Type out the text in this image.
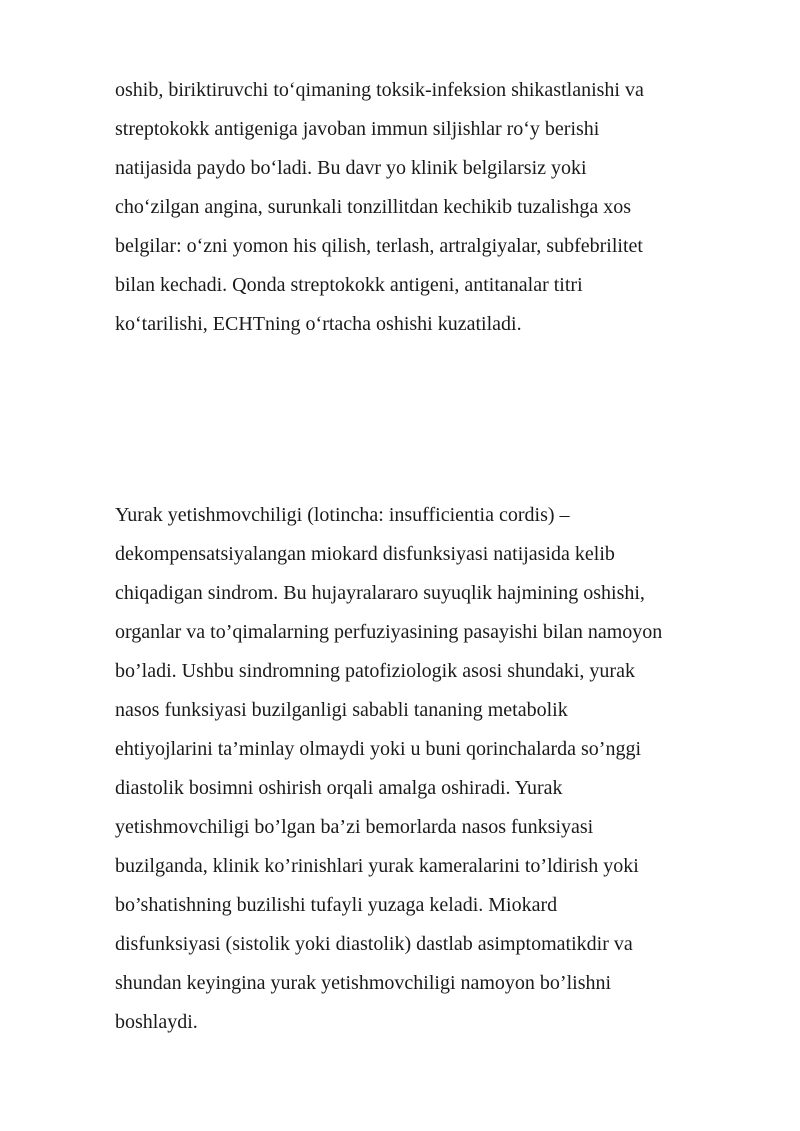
oshib, biriktiruvchi to‘qimaning toksik-infeksion shikastlanishi va

streptokokk antigeniga javoban immun siljishlar ro‘y berishi

natijasida paydo bo‘ladi. Bu davr yo klinik belgilarsiz yoki

cho‘zilgan angina, surunkali tonzillitdan kechikib tuzalishga xos

belgilar: o‘zni yomon his qilish, terlash, artralgiyalar, subfebrilitet

bilan kechadi. Qonda streptokokk antigeni, antitanalar titri

ko‘tarilishi, ECHTning o‘rtacha oshishi kuzatiladi.

Yurak yetishmovchiligi (lotincha: insufficientia cordis) –

dekompensatsiyalangan miokard disfunksiyasi natijasida kelib

chiqadigan sindrom. Bu hujayralararo suyuqlik hajmining oshishi,

organlar va to’qimalarning perfuziyasining pasayishi bilan namoyon

bo’ladi. Ushbu sindromning patofiziologik asosi shundaki, yurak

nasos funksiyasi buzilganligi sababli tananing metabolik

ehtiyojlarini ta’minlay olmaydi yoki u buni qorinchalarda so’nggi

diastolik bosimni oshirish orqali amalga oshiradi. Yurak

yetishmovchiligi bo’lgan ba’zi bemorlarda nasos funksiyasi

buzilganda, klinik ko’rinishlari yurak kameralarini to’ldirish yoki

bo’shatishning buzilishi tufayli yuzaga keladi. Miokard

disfunksiyasi (sistolik yoki diastolik) dastlab asimptomatikdir va

shundan keyingina yurak yetishmovchiligi namoyon bo’lishni

boshlaydi.
